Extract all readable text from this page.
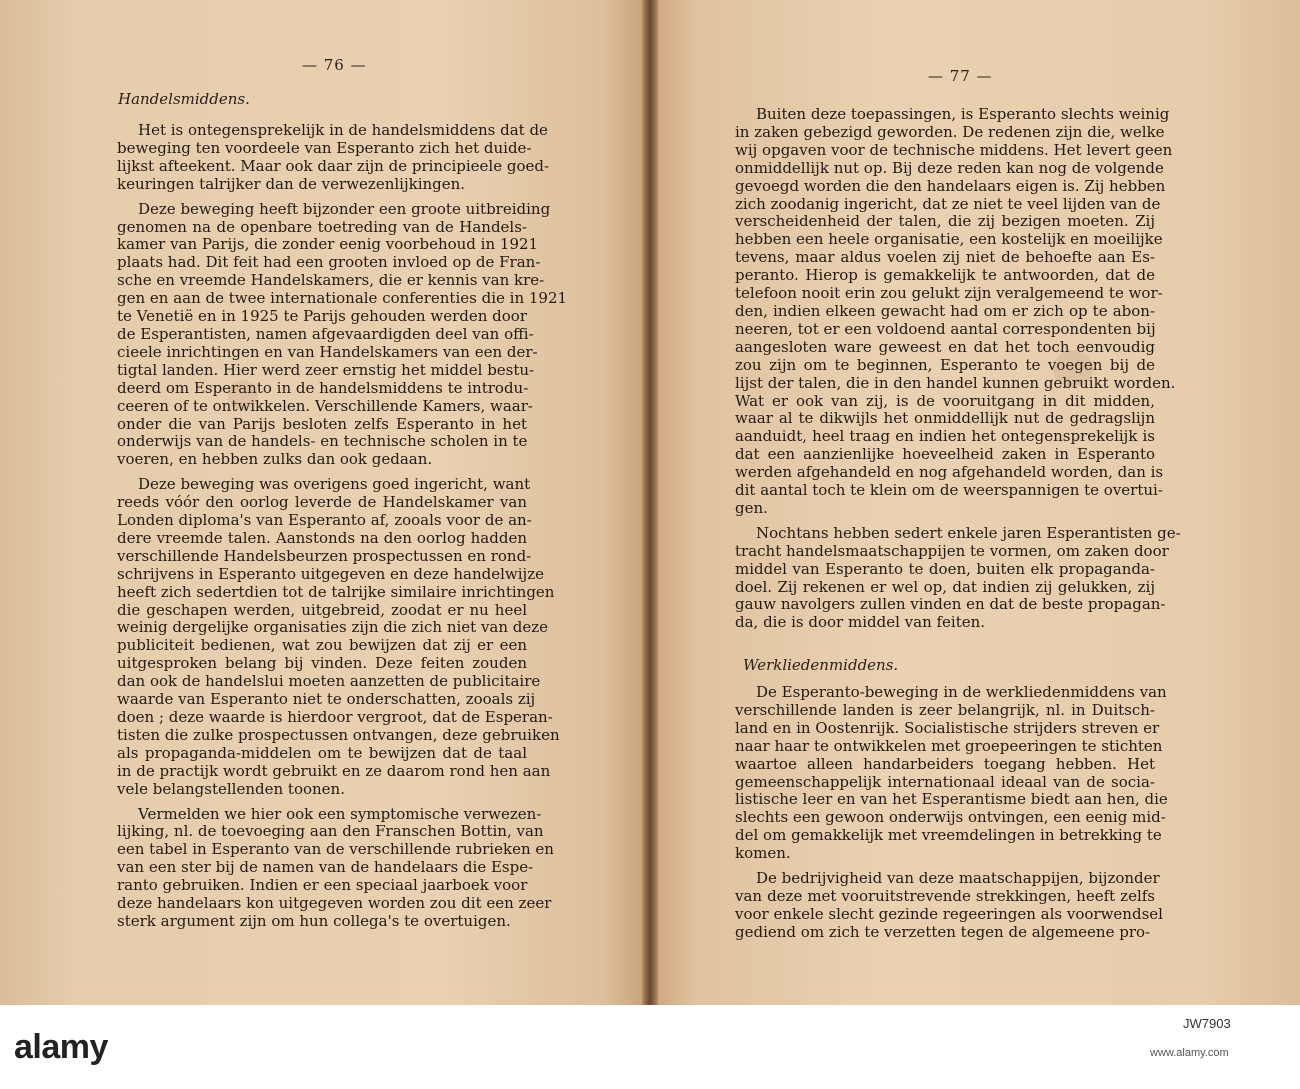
— 76 —
Handelsmiddens.
Het is ontegensprekelijk in de handelsmiddens dat de
beweging ten voordeele van Esperanto zich het duide-
lijkst afteekent. Maar ook daar zijn de principieele goed-
keuringen talrijker dan de verwezenlijkingen.
Deze beweging heeft bijzonder een groote uitbreiding
genomen na de openbare toetreding van de Handels-
kamer van Parijs, die zonder eenig voorbehoud in 1921
plaats had. Dit feit had een grooten invloed op de Fran-
sche en vreemde Handelskamers, die er kennis van kre-
gen en aan de twee internationale conferenties die in 1921
te Venetië en in 1925 te Parijs gehouden werden door
de Esperantisten, namen afgevaardigden deel van offi-
cieele inrichtingen en van Handelskamers van een der-
tigtal landen. Hier werd zeer ernstig het middel bestu-
deerd om Esperanto in de handelsmiddens te introdu-
ceeren of te ontwikkelen. Verschillende Kamers, waar-
onder die van Parijs besloten zelfs Esperanto in het
onderwijs van de handels- en technische scholen in te
voeren, en hebben zulks dan ook gedaan.
Deze beweging was overigens goed ingericht, want
reeds vóór den oorlog leverde de Handelskamer van
Londen diploma's van Esperanto af, zooals voor de an-
dere vreemde talen. Aanstonds na den oorlog hadden
verschillende Handelsbeurzen prospectussen en rond-
schrijvens in Esperanto uitgegeven en deze handelwijze
heeft zich sedertdien tot de talrijke similaire inrichtingen
die geschapen werden, uitgebreid, zoodat er nu heel
weinig dergelijke organisaties zijn die zich niet van deze
publiciteit bedienen, wat zou bewijzen dat zij er een
uitgesproken belang bij vinden. Deze feiten zouden
dan ook de handelslui moeten aanzetten de publicitaire
waarde van Esperanto niet te onderschatten, zooals zij
doen ; deze waarde is hierdoor vergroot, dat de Esperan-
tisten die zulke prospectussen ontvangen, deze gebruiken
als propaganda-middelen om te bewijzen dat de taal
in de practijk wordt gebruikt en ze daarom rond hen aan
vele belangstellenden toonen.
Vermelden we hier ook een symptomische verwezen-
lijking, nl. de toevoeging aan den Franschen Bottin, van
een tabel in Esperanto van de verschillende rubrieken en
van een ster bij de namen van de handelaars die Espe-
ranto gebruiken. Indien er een speciaal jaarboek voor
deze handelaars kon uitgegeven worden zou dit een zeer
sterk argument zijn om hun collega's te overtuigen.
— 77 —
Buiten deze toepassingen, is Esperanto slechts weinig
in zaken gebezigd geworden. De redenen zijn die, welke
wij opgaven voor de technische middens. Het levert geen
onmiddellijk nut op. Bij deze reden kan nog de volgende
gevoegd worden die den handelaars eigen is. Zij hebben
zich zoodanig ingericht, dat ze niet te veel lijden van de
verscheidenheid der talen, die zij bezigen moeten. Zij
hebben een heele organisatie, een kostelijk en moeilijke
tevens, maar aldus voelen zij niet de behoefte aan Es-
peranto. Hierop is gemakkelijk te antwoorden, dat de
telefoon nooit erin zou gelukt zijn veralgemeend te wor-
den, indien elkeen gewacht had om er zich op te abon-
neeren, tot er een voldoend aantal correspondenten bij
aangesloten ware geweest en dat het toch eenvoudig
zou zijn om te beginnen, Esperanto te voegen bij de
lijst der talen, die in den handel kunnen gebruikt worden.
Wat er ook van zij, is de vooruitgang in dit midden,
waar al te dikwijls het onmiddellijk nut de gedragslijn
aanduidt, heel traag en indien het ontegensprekelijk is
dat een aanzienlijke hoeveelheid zaken in Esperanto
werden afgehandeld en nog afgehandeld worden, dan is
dit aantal toch te klein om de weerspannigen te overtui-
gen.
Nochtans hebben sedert enkele jaren Esperantisten ge-
tracht handelsmaatschappijen te vormen, om zaken door
middel van Esperanto te doen, buiten elk propaganda-
doel. Zij rekenen er wel op, dat indien zij gelukken, zij
gauw navolgers zullen vinden en dat de beste propagan-
da, die is door middel van feiten.
Werkliedenmiddens.
De Esperanto-beweging in de werkliedenmiddens van
verschillende landen is zeer belangrijk, nl. in Duitsch-
land en in Oostenrijk. Socialistische strijders streven er
naar haar te ontwikkelen met groepeeringen te stichten
waartoe alleen handarbeiders toegang hebben. Het
gemeenschappelijk internationaal ideaal van de socia-
listische leer en van het Esperantisme biedt aan hen, die
slechts een gewoon onderwijs ontvingen, een eenig mid-
del om gemakkelijk met vreemdelingen in betrekking te
komen.
De bedrijvigheid van deze maatschappijen, bijzonder
van deze met vooruitstrevende strekkingen, heeft zelfs
voor enkele slecht gezinde regeeringen als voorwendsel
gediend om zich te verzetten tegen de algemeene pro-
alamy
JW7903
www.alamy.com
